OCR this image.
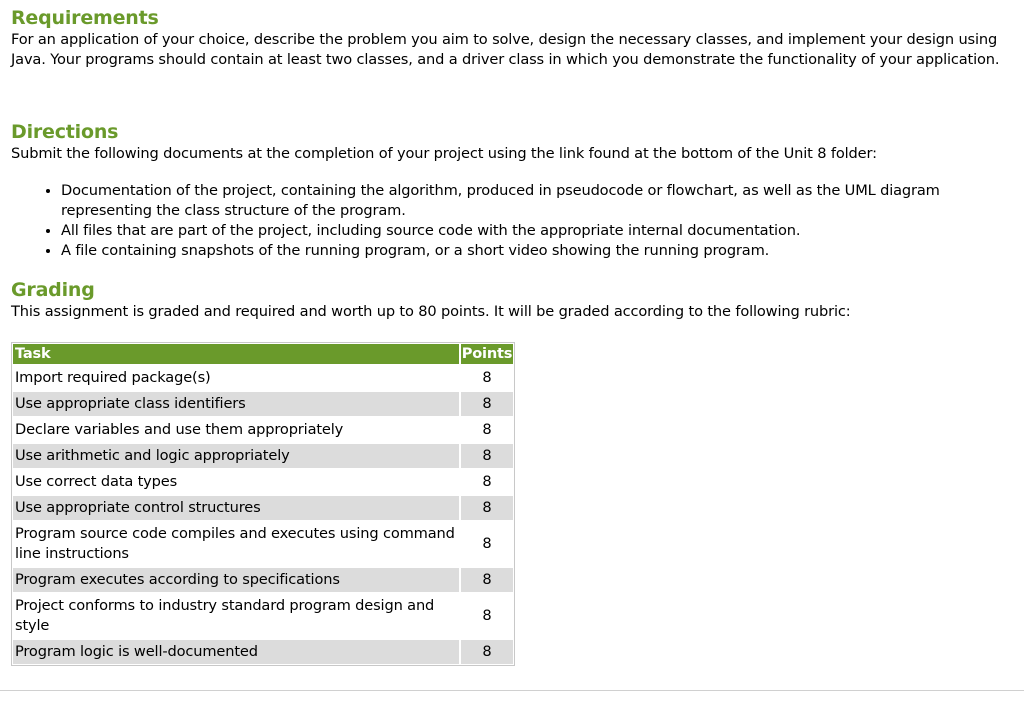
Requirements

For an application of your choice, describe the problem you aim to solve, design the necessary classes, and implement your design using Java. Your programs should contain at least two classes, and a driver class in which you demonstrate the functionality of your application.

Directions

Submit the following documents at the completion of your project using the link found at the bottom of the Unit 8 folder:

• Documentation of the project, containing the algorithm, produced in pseudocode or flowchart, as well as the UML diagram representing the class structure of the program.
• All files that are part of the project, including source code with the appropriate internal documentation.
• A file containing snapshots of the running program, or a short video showing the running program.
Grading

This assignment is graded and required and worth up to 80 points. It will be graded according to the following rubric:

Task	Points
Import required package(s)	8
Use appropriate class identifiers	8
Declare variables and use them appropriately	8
Use arithmetic and logic appropriately	8
Use correct data types	8
Use appropriate control structures	8
Program source code compiles and executes using command line instructions	8
Program executes according to specifications	8
Project conforms to industry standard program design and style	8
Program logic is well-documented	8
